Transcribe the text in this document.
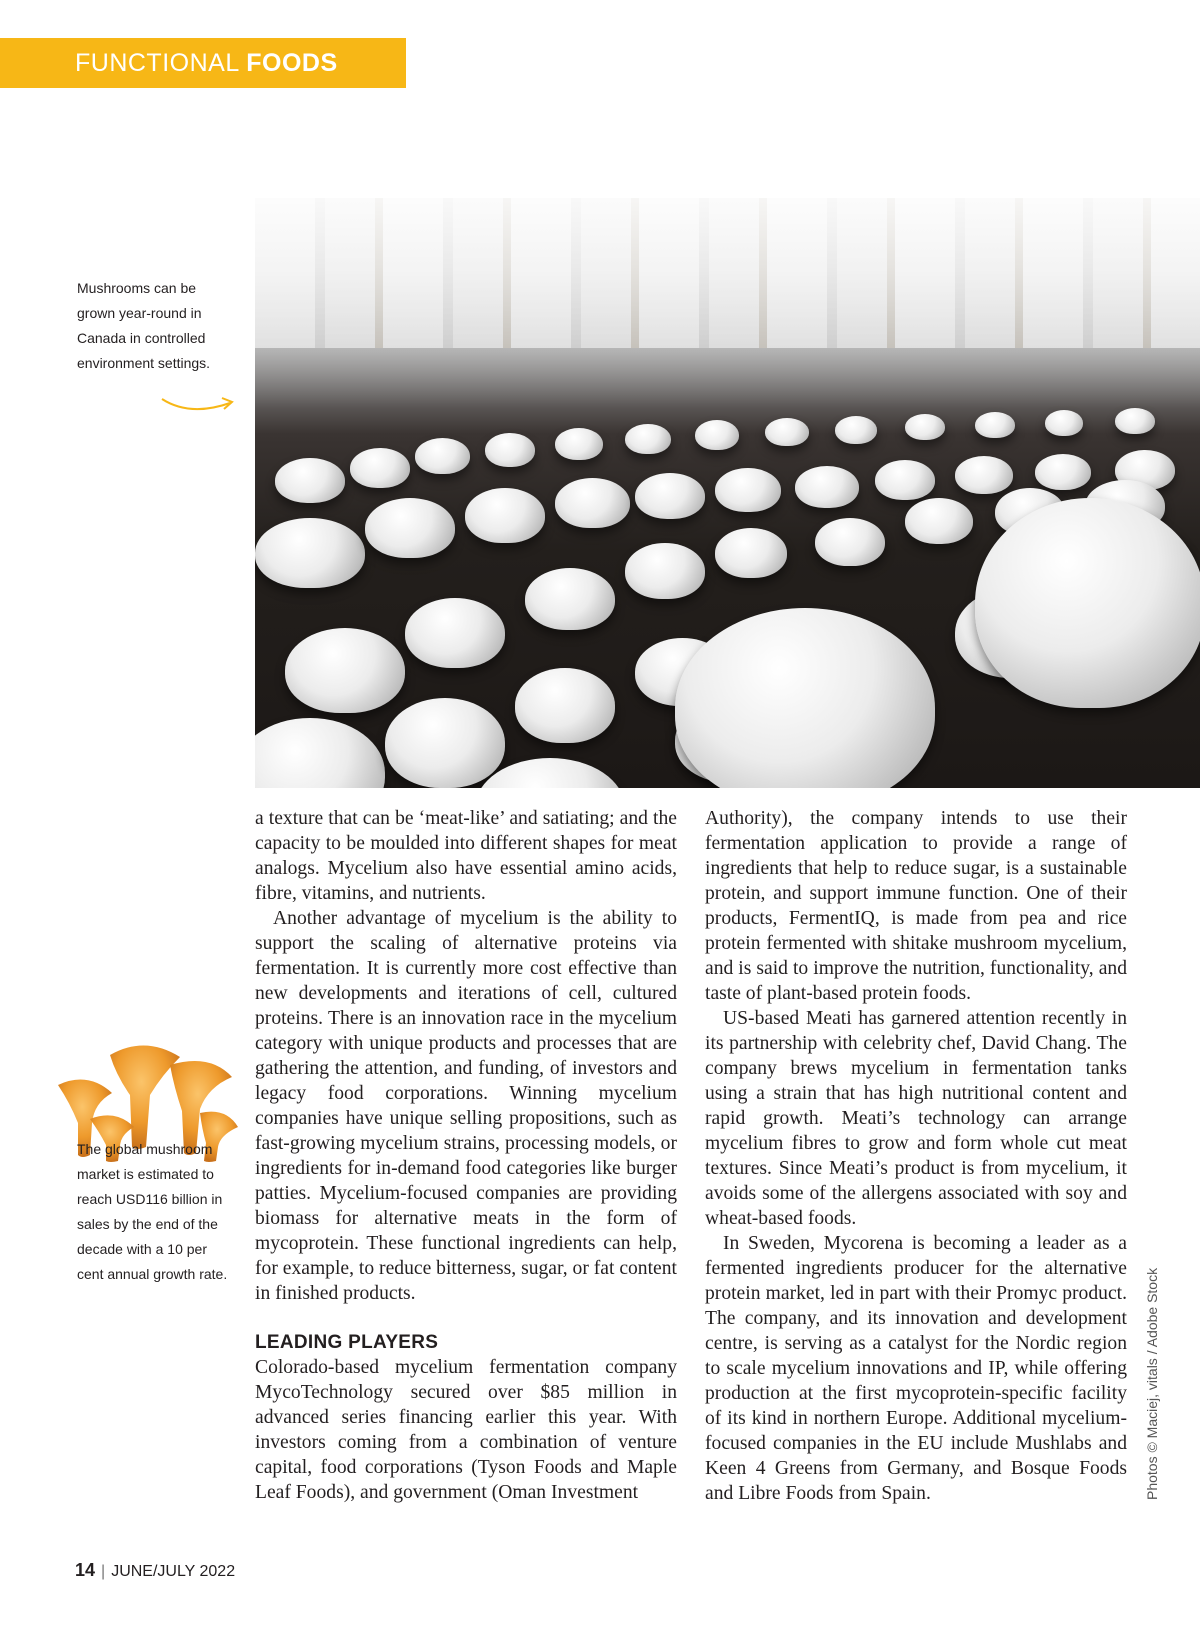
FUNCTIONAL FOODS
Mushrooms can be grown year-round in Canada in controlled environment settings.
The global mushroom market is estimated to reach USD116 billion in sales by the end of the decade with a 10 per cent annual growth rate.

a texture that can be ‘meat-like’ and satiating; and the capacity to be moulded into different shapes for meat analogs. Mycelium also have essential amino acids, fibre, vitamins, and nutrients.

Another advantage of mycelium is the ability to support the scaling of alternative proteins via fermentation. It is currently more cost effective than new developments and iterations of cell, cultured proteins. There is an innovation race in the mycelium category with unique products and processes that are gathering the attention, and funding, of investors and legacy food corporations. Winning mycelium companies have unique selling propositions, such as fast-growing mycelium strains, processing models, or ingredients for in-demand food categories like burger patties. Mycelium-focused companies are providing biomass for alternative meats in the form of mycoprotein. These functional ingredients can help, for example, to reduce bitterness, sugar, or fat content in finished products.

LEADING PLAYERS

Colorado-based mycelium fermentation company MycoTechnology secured over $85 million in advanced series financing earlier this year. With investors coming from a combination of venture capital, food corporations (Tyson Foods and Maple Leaf Foods), and government (Oman Investment

Authority), the company intends to use their fermentation application to provide a range of ingredients that help to reduce sugar, is a sustainable protein, and support immune function. One of their products, FermentIQ, is made from pea and rice protein fermented with shitake mushroom mycelium, and is said to improve the nutrition, functionality, and taste of plant-based protein foods.

US-based Meati has garnered attention recently in its partnership with celebrity chef, David Chang. The company brews mycelium in fermentation tanks using a strain that has high nutritional content and rapid growth. Meati’s technology can arrange mycelium fibres to grow and form whole cut meat textures. Since Meati’s product is from mycelium, it avoids some of the allergens associated with soy and wheat-based foods.

In Sweden, Mycorena is becoming a leader as a fermented ingredients producer for the alternative protein market, led in part with their Promyc product. The company, and its innovation and development centre, is serving as a catalyst for the Nordic region to scale mycelium innovations and IP, while offering production at the first mycoprotein-specific facility of its kind in northern Europe. Additional mycelium-focused companies in the EU include Mushlabs and Keen 4 Greens from Germany, and Bosque Foods and Libre Foods from Spain.	Photos © Maciej, vitals / Adobe Stock
14 | JUNE/JULY 2022
